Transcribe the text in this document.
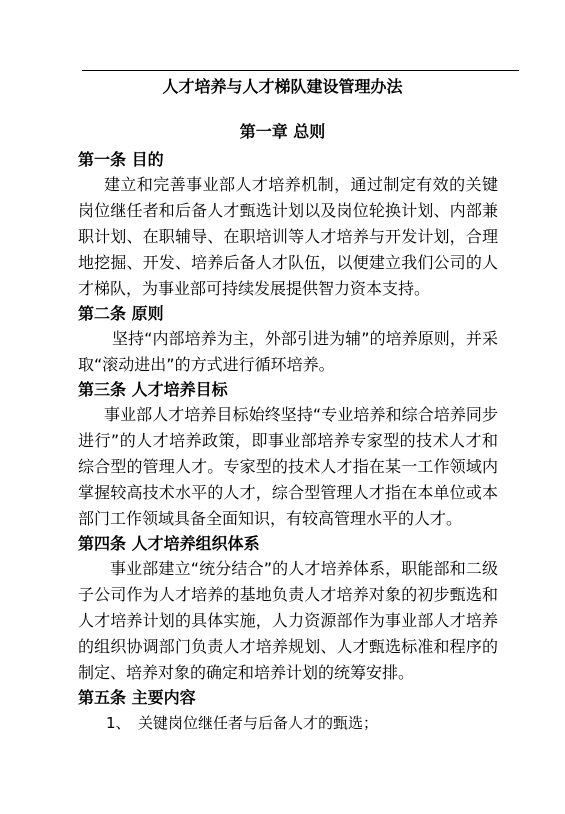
人才培养与人才梯队建设管理办法
第一章 总则

第一条 目的

建立和完善事业部人才培养机制，通过制定有效的关键岗位继任者和后备人才甄选计划以及岗位轮换计划、内部兼职计划、在职辅导、在职培训等人才培养与开发计划，合理地挖掘、开发、培养后备人才队伍，以便建立我们公司的人才梯队，为事业部可持续发展提供智力资本支持。

第二条 原则

坚持“内部培养为主，外部引进为辅”的培养原则，并采取“滚动进出”的方式进行循环培养。

第三条 人才培养目标

事业部人才培养目标始终坚持“专业培养和综合培养同步进行”的人才培养政策，即事业部培养专家型的技术人才和综合型的管理人才。专家型的技术人才指在某一工作领域内掌握较高技术水平的人才，综合型管理人才指在本单位或本部门工作领域具备全面知识，有较高管理水平的人才。

第四条 人才培养组织体系

事业部建立“统分结合”的人才培养体系，职能部和二级子公司作为人才培养的基地负责人才培养对象的初步甄选和人才培养计划的具体实施，人力资源部作为事业部人才培养的组织协调部门负责人才培养规划、人才甄选标准和程序的制定、培养对象的确定和培养计划的统筹安排。

第五条 主要内容

1、　关键岗位继任者与后备人才的甄选；
